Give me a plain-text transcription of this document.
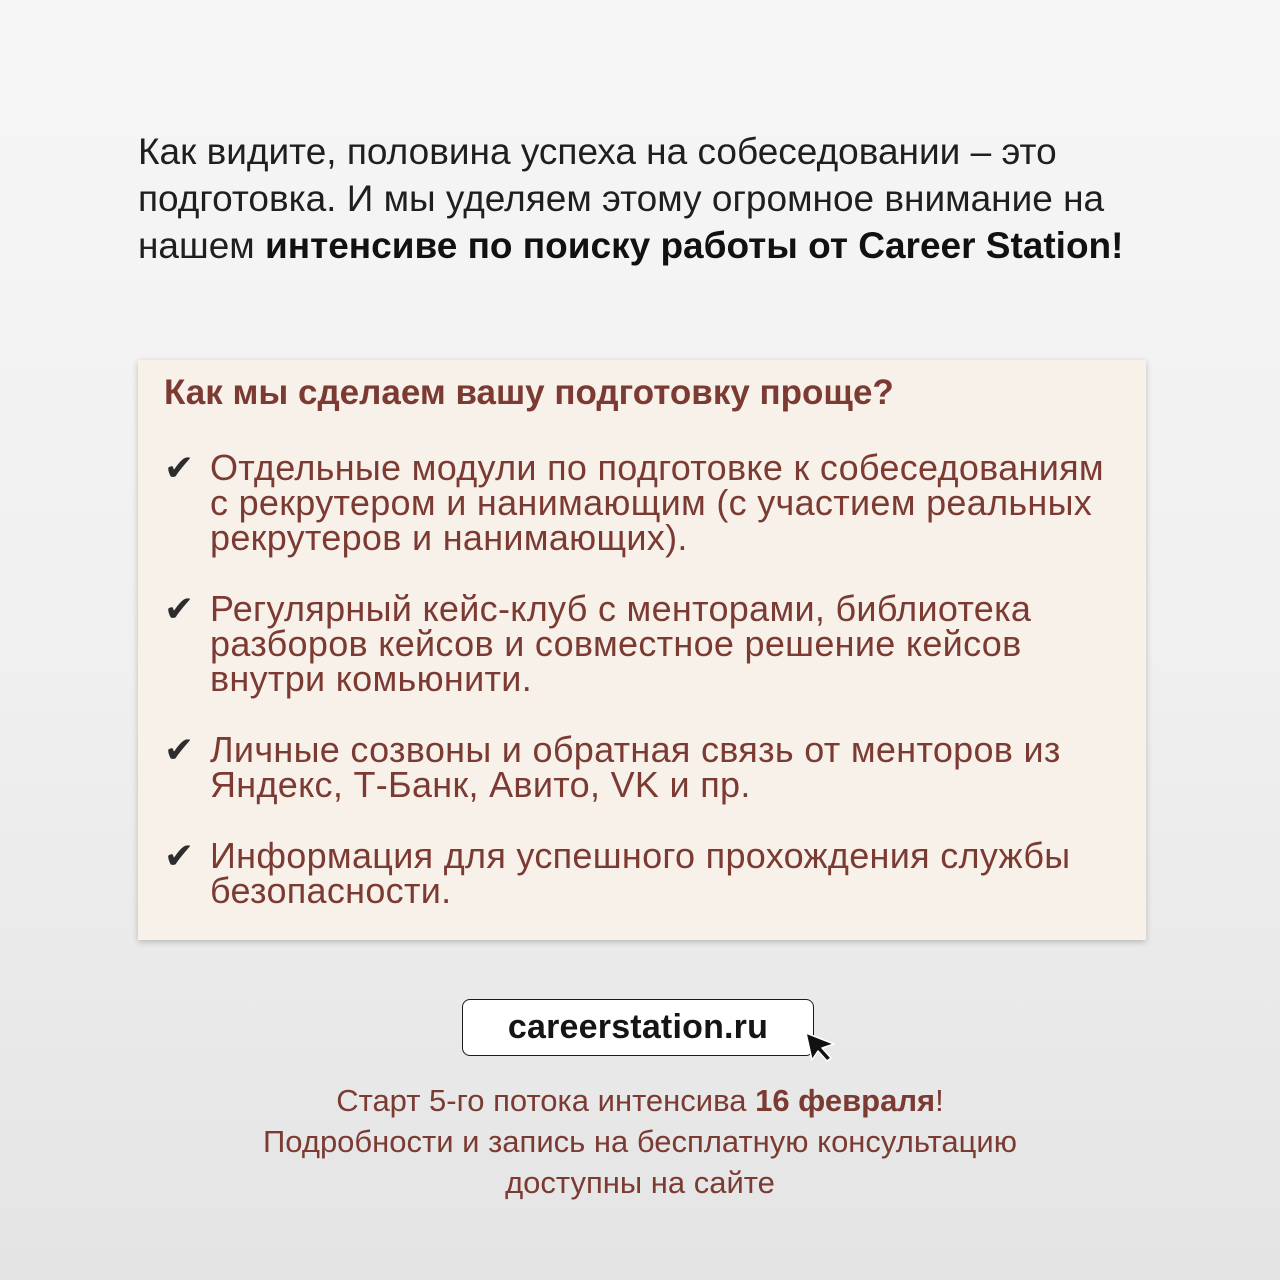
Как видите, половина успеха на собеседовании – это подготовка. И мы уделяем этому огромное внимание на нашем интенсиве по поиску работы от Career Station!

Как мы сделаем вашу подготовку проще?
✔ Отдельные модули по подготовке к собеседованиям с рекрутером и нанимающим (с участием реальных рекрутеров и нанимающих).
✔ Регулярный кейс-клуб с менторами, библиотека разборов кейсов и совместное решение кейсов внутри комьюнити.
✔ Личные созвоны и обратная связь от менторов из Яндекс, Т-Банк, Авито, VK и пр.
✔ Информация для успешного прохождения службы безопасности.
careerstation.ru
Старт 5-го потока интенсива 16 февраля!
Подробности и запись на бесплатную консультацию
доступны на сайте
